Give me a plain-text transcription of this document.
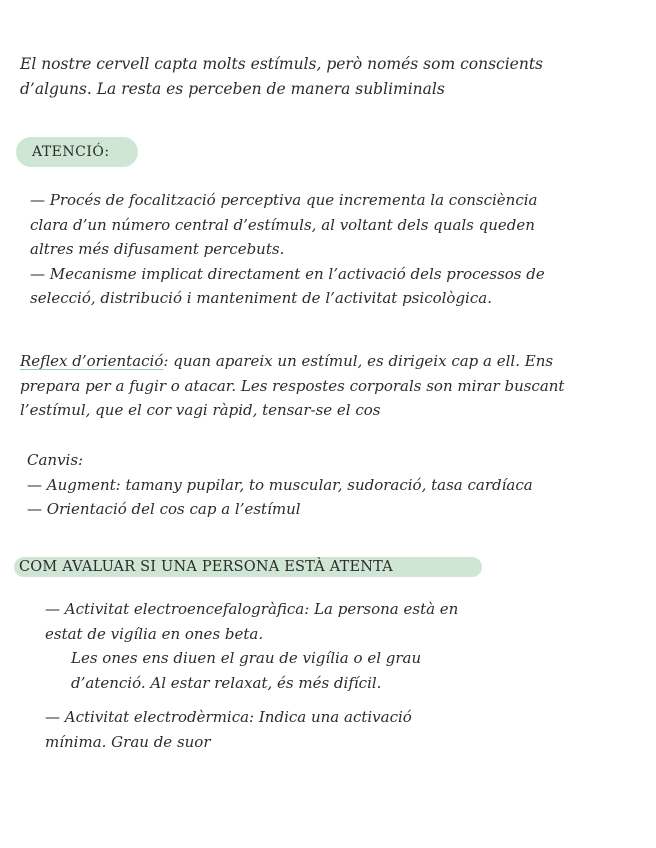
El nostre cervell capta molts estímuls, però només som conscients
d’alguns. La resta es perceben de manera subliminals
ATENCIÓ:
— Procés de focalització perceptiva que incrementa la consciència
clara d’un número central d’estímuls, al voltant dels quals queden
altres més difusament percebuts.
— Mecanisme implicat directament en l’activació dels processos de
selecció, distribució i manteniment de l’activitat psicològica.
Reflex d’orientació: quan apareix un estímul, es dirigeix cap a ell. Ens
prepara per a fugir o atacar. Les respostes corporals son mirar buscant
l’estímul, que el cor vagi ràpid, tensar-se el cos
Canvis:
— Augment: tamany pupilar, to muscular, sudoració, tasa cardíaca
— Orientació del cos cap a l’estímul
COM AVALUAR SI UNA PERSONA ESTÀ ATENTA
— Activitat electroencefalogràfica: La persona està en
estat de vigília en ones beta.
Les ones ens diuen el grau de vigília o el grau
d’atenció. Al estar relaxat, és més difícil.
— Activitat electrodèrmica: Indica una activació
mínima. Grau de suor
